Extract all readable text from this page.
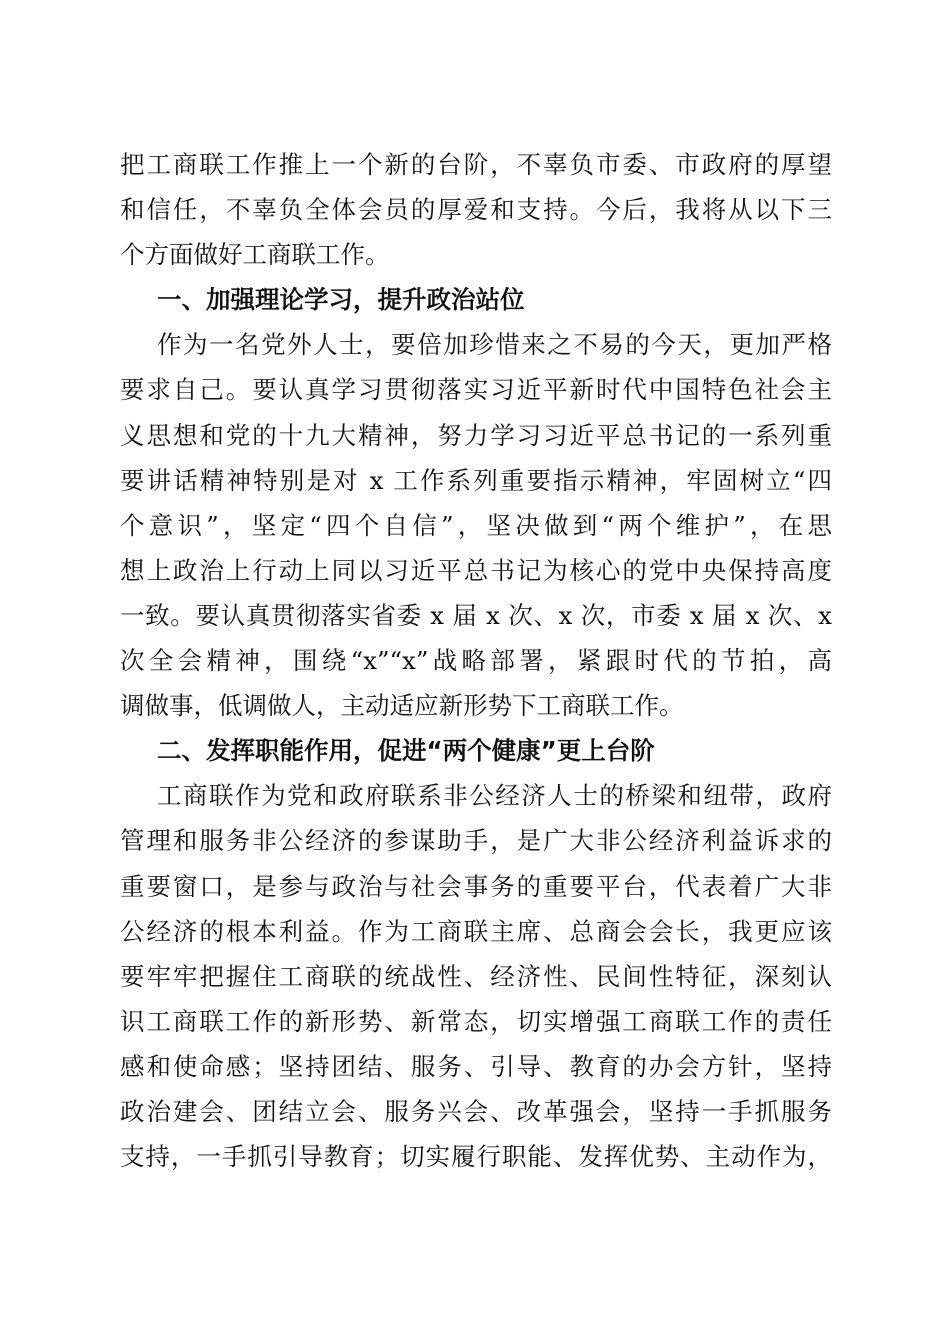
把工商联工作推上一个新的台阶，不辜负市委、市政府的厚望
和信任，不辜负全体会员的厚爱和支持。今后，我将从以下三
个方面做好工商联工作。
一、加强理论学习，提升政治站位
作为一名党外人士，要倍加珍惜来之不易的今天，更加严格
要求自己。要认真学习贯彻落实习近平新时代中国特色社会主
义思想和党的十九大精神，努力学习习近平总书记的一系列重
要讲话精神特别是对 x 工作系列重要指示精神，牢固树立“四
个意识”，坚定“四个自信”，坚决做到“两个维护”，在思
想上政治上行动上同以习近平总书记为核心的党中央保持高度
一致。要认真贯彻落实省委 x 届 x 次、x 次，市委 x 届 x 次、x
次全会精神，围绕“x”“x”战略部署，紧跟时代的节拍，高
调做事，低调做人，主动适应新形势下工商联工作。
二、发挥职能作用，促进“两个健康”更上台阶
工商联作为党和政府联系非公经济人士的桥梁和纽带，政府
管理和服务非公经济的参谋助手，是广大非公经济利益诉求的
重要窗口，是参与政治与社会事务的重要平台，代表着广大非
公经济的根本利益。作为工商联主席、总商会会长，我更应该
要牢牢把握住工商联的统战性、经济性、民间性特征，深刻认
识工商联工作的新形势、新常态，切实增强工商联工作的责任
感和使命感；坚持团结、服务、引导、教育的办会方针，坚持
政治建会、团结立会、服务兴会、改革强会，坚持一手抓服务
支持，一手抓引导教育；切实履行职能、发挥优势、主动作为，
